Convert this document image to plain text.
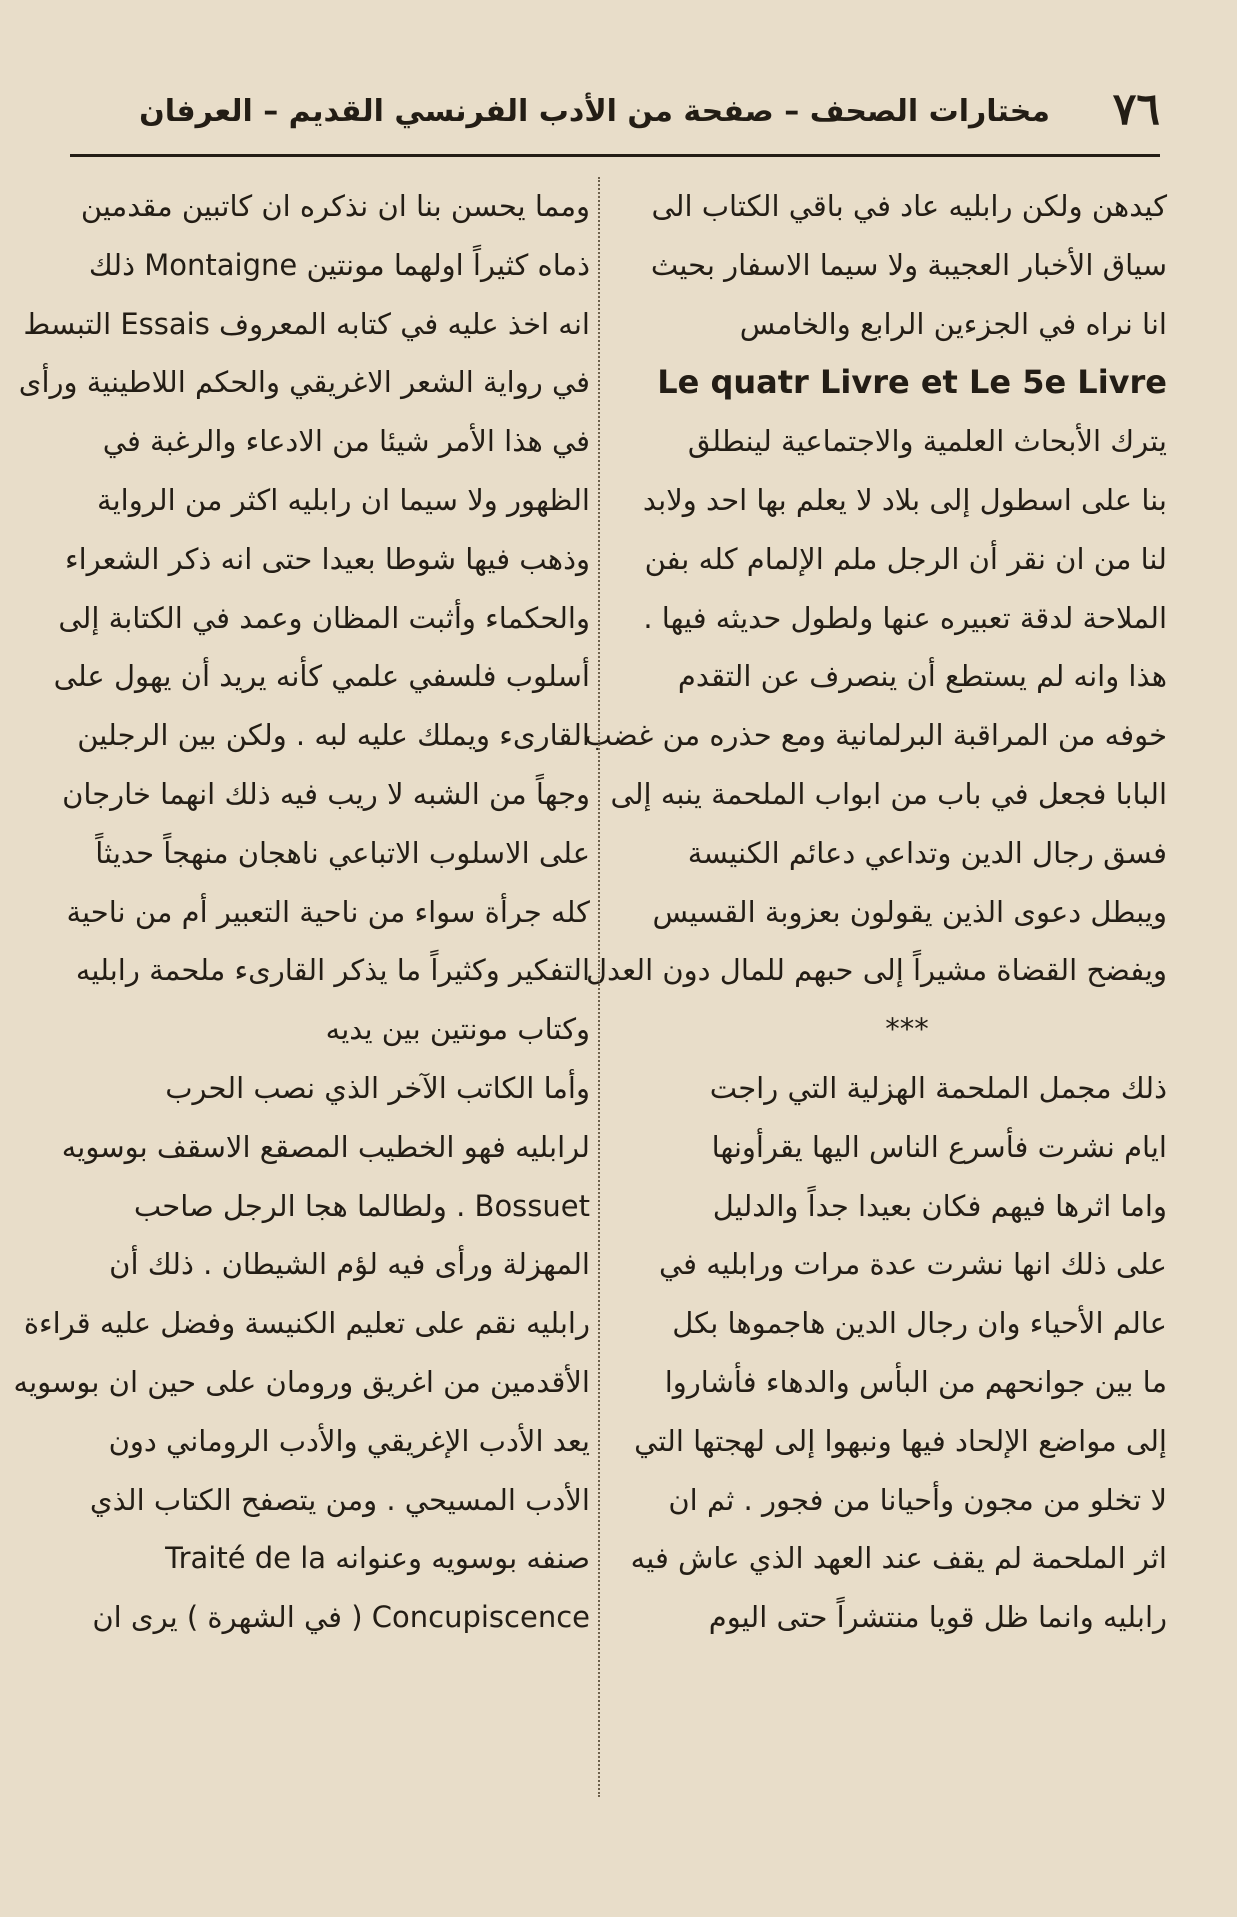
٧٦
مختارات الصحف – صفحة من الأدب الفرنسي القديم – العرفان
كيدهن ولكن رابليه عاد في باقي الكتاب الى
سياق الأخبار العجيبة ولا سيما الاسفار بحيث
انا نراه في الجزءين الرابع والخامس
Le quatr Livre et Le 5e Livre
يترك الأبحاث العلمية والاجتماعية لينطلق
بنا على اسطول إلى بلاد لا يعلم بها احد ولابد
لنا من ان نقر أن الرجل ملم الإلمام كله بفن
الملاحة لدقة تعبيره عنها ولطول حديثه فيها .
هذا وانه لم يستطع أن ينصرف عن التقدم
خوفه من المراقبة البرلمانية ومع حذره من غضب
البابا فجعل في باب من ابواب الملحمة ينبه إلى
فسق رجال الدين وتداعي دعائم الكنيسة
ويبطل دعوى الذين يقولون بعزوبة القسيس
ويفضح القضاة مشيراً إلى حبهم للمال دون العدل
***
ذلك مجمل الملحمة الهزلية التي راجت
ايام نشرت فأسرع الناس اليها يقرأونها
واما اثرها فيهم فكان بعيدا جداً والدليل
على ذلك انها نشرت عدة مرات ورابليه في
عالم الأحياء وان رجال الدين هاجموها بكل
ما بين جوانحهم من البأس والدهاء فأشاروا
إلى مواضع الإلحاد فيها ونبهوا إلى لهجتها التي
لا تخلو من مجون وأحيانا من فجور . ثم ان
اثر الملحمة لم يقف عند العهد الذي عاش فيه
رابليه وانما ظل قويا منتشراً حتى اليوم
ومما يحسن بنا ان نذكره ان كاتبين مقدمين
ذماه كثيراً اولهما مونتين Montaigne ذلك
انه اخذ عليه في كتابه المعروف Essais التبسط
في رواية الشعر الاغريقي والحكم اللاطينية ورأى
في هذا الأمر شيئا من الادعاء والرغبة في
الظهور ولا سيما ان رابليه اكثر من الرواية
وذهب فيها شوطا بعيدا حتى انه ذكر الشعراء
والحكماء وأثبت المظان وعمد في الكتابة إلى
أسلوب فلسفي علمي كأنه يريد أن يهول على
القارىء ويملك عليه لبه . ولكن بين الرجلين
وجهاً من الشبه لا ريب فيه ذلك انهما خارجان
على الاسلوب الاتباعي ناهجان منهجاً حديثاً
كله جرأة سواء من ناحية التعبير أم من ناحية
التفكير وكثيراً ما يذكر القارىء ملحمة رابليه
وكتاب مونتين بين يديه
وأما الكاتب الآخر الذي نصب الحرب
لرابليه فهو الخطيب المصقع الاسقف بوسويه
Bossuet . ولطالما هجا الرجل صاحب
المهزلة ورأى فيه لؤم الشيطان . ذلك أن
رابليه نقم على تعليم الكنيسة وفضل عليه قراءة
الأقدمين من اغريق ورومان على حين ان بوسويه
يعد الأدب الإغريقي والأدب الروماني دون
الأدب المسيحي . ومن يتصفح الكتاب الذي
صنفه بوسويه وعنوانه Traité de la
Concupiscence ( في الشهرة ) يرى ان
